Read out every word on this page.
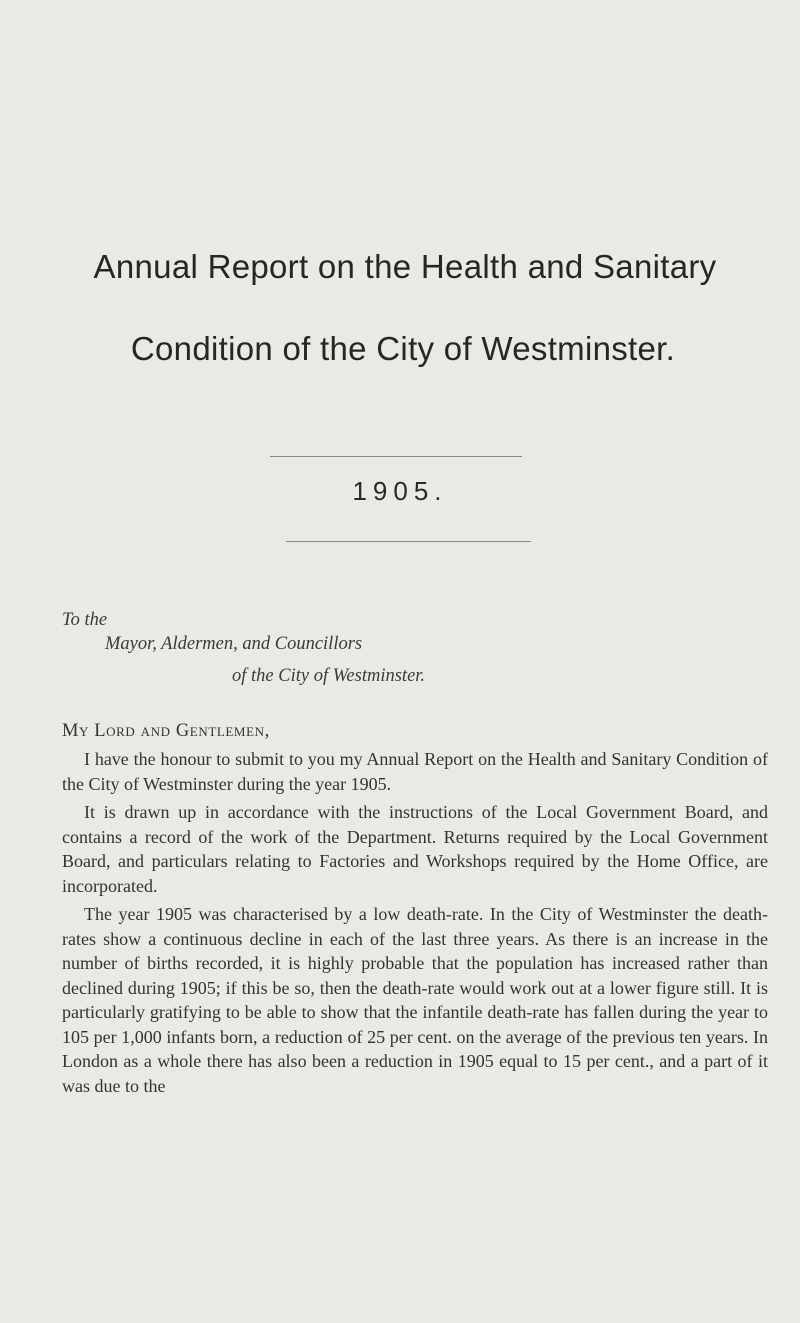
Annual Report on the Health and Sanitary
Condition of the City of Westminster.
1905.
To the
Mayor, Aldermen, and Councillors
of the City of Westminster.
My Lord and Gentlemen,

I have the honour to submit to you my Annual Report on the Health and Sanitary Condition of the City of Westminster during the year 1905.

It is drawn up in accordance with the instructions of the Local Government Board, and contains a record of the work of the Department. Returns required by the Local Government Board, and particulars relating to Factories and Workshops required by the Home Office, are incorporated.

The year 1905 was characterised by a low death-rate. In the City of Westminster the death-rates show a continuous decline in each of the last three years. As there is an increase in the number of births recorded, it is highly probable that the population has increased rather than declined during 1905; if this be so, then the death-rate would work out at a lower figure still. It is particularly gratifying to be able to show that the infantile death-rate has fallen during the year to 105 per 1,000 infants born, a reduction of 25 per cent. on the average of the previous ten years. In London as a whole there has also been a reduction in 1905 equal to 15 per cent., and a part of it was due to the
